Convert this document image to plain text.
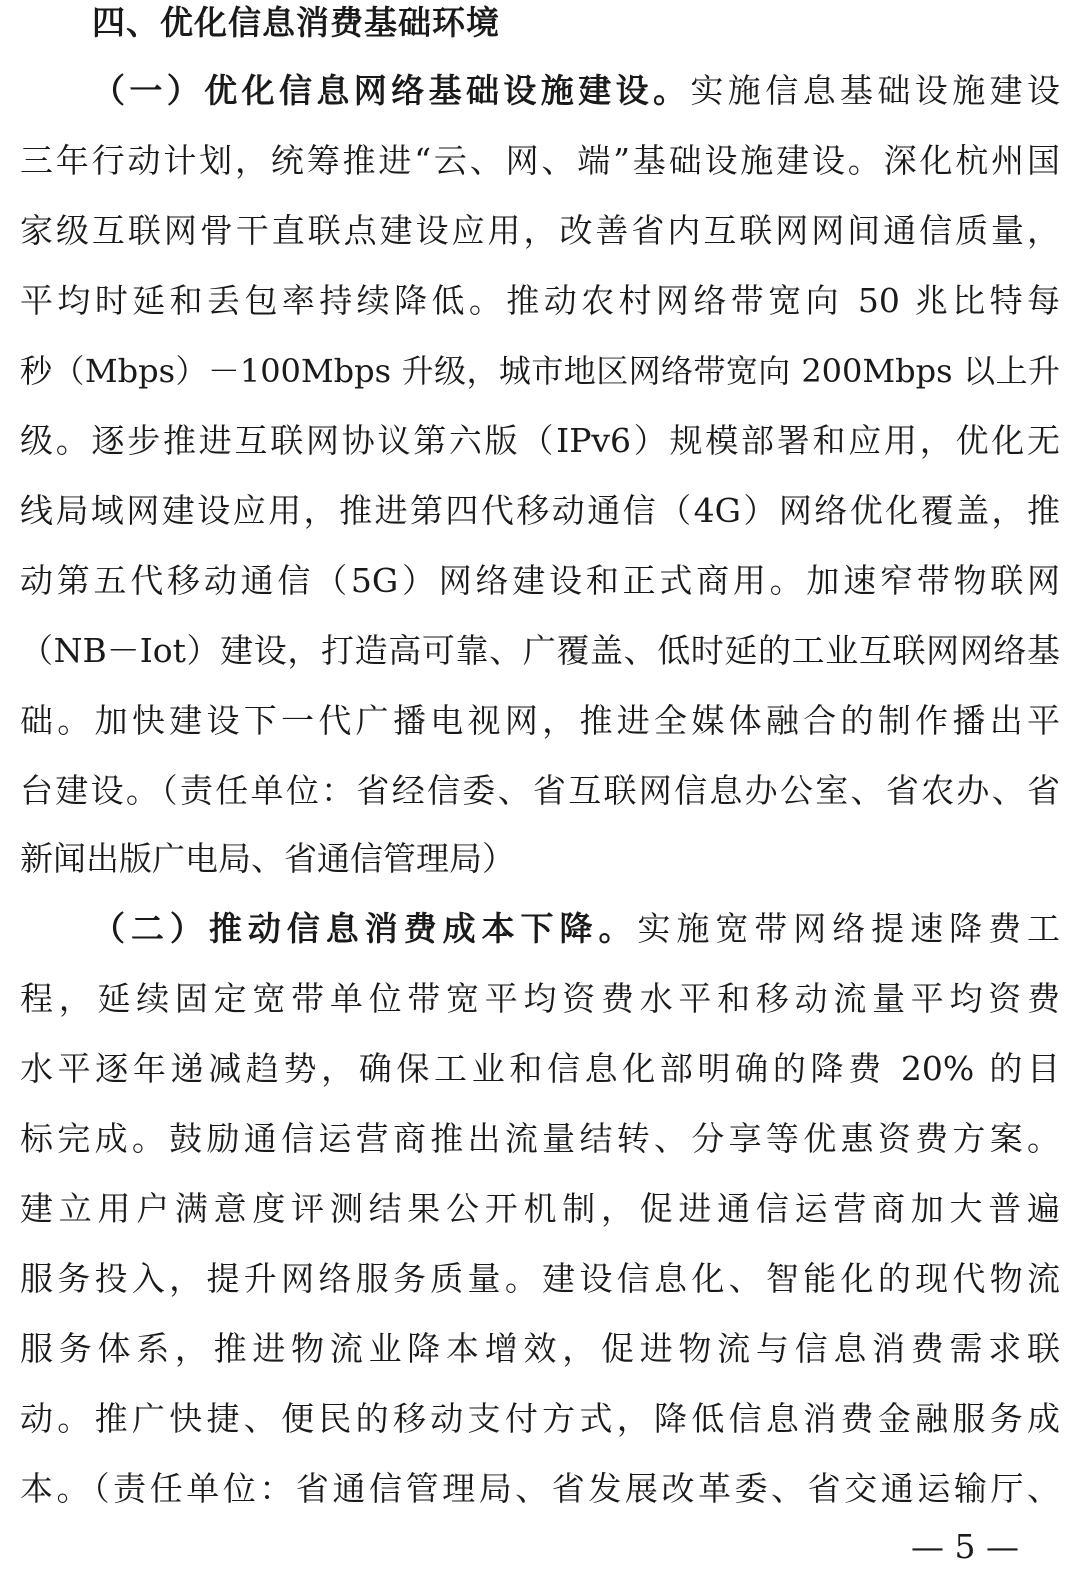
四、优化信息消费基础环境
（一）优化信息网络基础设施建设。实施信息基础设施建设
三年行动计划，统筹推进“云、网、端”基础设施建设。深化杭州国
家级互联网骨干直联点建设应用，改善省内互联网网间通信质量，
平均时延和丢包率持续降低。推动农村网络带宽向 50 兆比特每
秒（Mbps）－100Mbps 升级，城市地区网络带宽向 200Mbps 以上升
级。逐步推进互联网协议第六版（IPv6）规模部署和应用，优化无
线局域网建设应用，推进第四代移动通信（4G）网络优化覆盖，推
动第五代移动通信（5G）网络建设和正式商用。加速窄带物联网
（NB－Iot）建设，打造高可靠、广覆盖、低时延的工业互联网网络基
础。加快建设下一代广播电视网，推进全媒体融合的制作播出平
台建设。（责任单位：省经信委、省互联网信息办公室、省农办、省
新闻出版广电局、省通信管理局）
（二）推动信息消费成本下降。实施宽带网络提速降费工
程，延续固定宽带单位带宽平均资费水平和移动流量平均资费
水平逐年递减趋势，确保工业和信息化部明确的降费 20% 的目
标完成。鼓励通信运营商推出流量结转、分享等优惠资费方案。
建立用户满意度评测结果公开机制，促进通信运营商加大普遍
服务投入，提升网络服务质量。建设信息化、智能化的现代物流
服务体系，推进物流业降本增效，促进物流与信息消费需求联
动。推广快捷、便民的移动支付方式，降低信息消费金融服务成
本。（责任单位：省通信管理局、省发展改革委、省交通运输厅、
— 5 —
